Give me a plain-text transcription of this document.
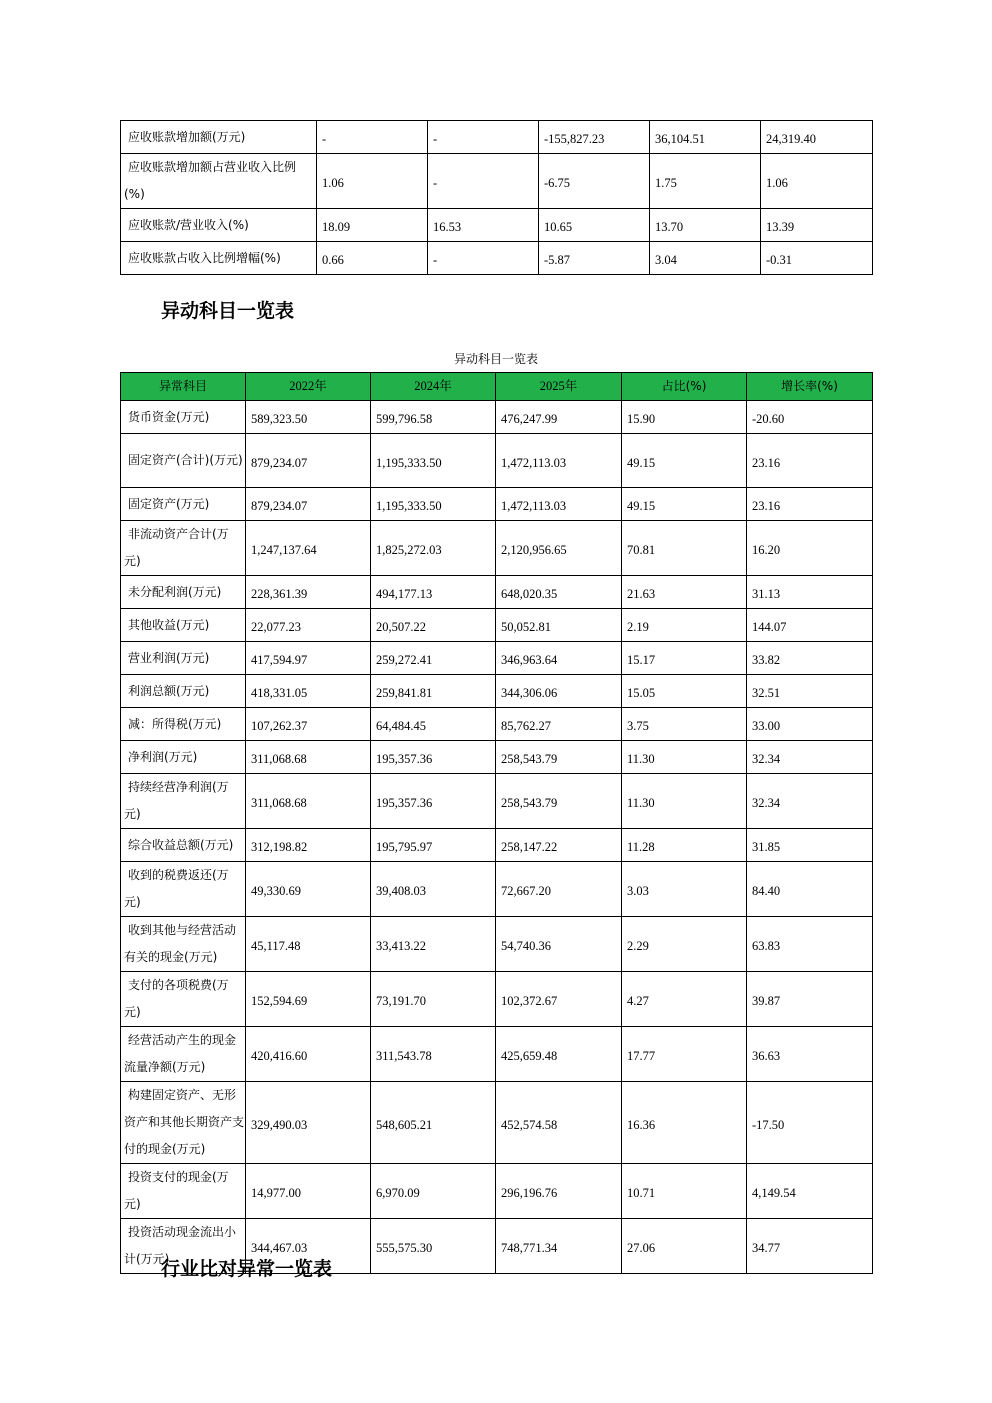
应收账款增加额(万元)	-	-	-155,827.23	36,104.51	24,319.40

应收账款增加额占营业收入比例(%)	1.06	-	-6.75	1.75	1.06

应收账款/营业收入(%)	18.09	16.53	10.65	13.70	13.39

应收账款占收入比例增幅(%)	0.66	-	-5.87	3.04	-0.31
异动科目一览表
异动科目一览表
异常科目	2022年	2024年	2025年	占比(%)	增长率(%)

货币资金(万元)	589,323.50	599,796.58	476,247.99	15.90	-20.60

固定资产(合计)(万元)	879,234.07	1,195,333.50	1,472,113.03	49.15	23.16

固定资产(万元)	879,234.07	1,195,333.50	1,472,113.03	49.15	23.16

非流动资产合计(万元)	1,247,137.64	1,825,272.03	2,120,956.65	70.81	16.20

未分配利润(万元)	228,361.39	494,177.13	648,020.35	21.63	31.13

其他收益(万元)	22,077.23	20,507.22	50,052.81	2.19	144.07

营业利润(万元)	417,594.97	259,272.41	346,963.64	15.17	33.82

利润总额(万元)	418,331.05	259,841.81	344,306.06	15.05	32.51

减：所得税(万元)	107,262.37	64,484.45	85,762.27	3.75	33.00

净利润(万元)	311,068.68	195,357.36	258,543.79	11.30	32.34

持续经营净利润(万元)	311,068.68	195,357.36	258,543.79	11.30	32.34

综合收益总额(万元)	312,198.82	195,795.97	258,147.22	11.28	31.85

收到的税费返还(万元)	49,330.69	39,408.03	72,667.20	3.03	84.40

收到其他与经营活动有关的现金(万元)	45,117.48	33,413.22	54,740.36	2.29	63.83

支付的各项税费(万元)	152,594.69	73,191.70	102,372.67	4.27	39.87

经营活动产生的现金流量净额(万元)	420,416.60	311,543.78	425,659.48	17.77	36.63

构建固定资产、无形资产和其他长期资产支付的现金(万元)	329,490.03	548,605.21	452,574.58	16.36	-17.50

投资支付的现金(万元)	14,977.00	6,970.09	296,196.76	10.71	4,149.54

投资活动现金流出小计(万元)	344,467.03	555,575.30	748,771.34	27.06	34.77
行业比对异常一览表
